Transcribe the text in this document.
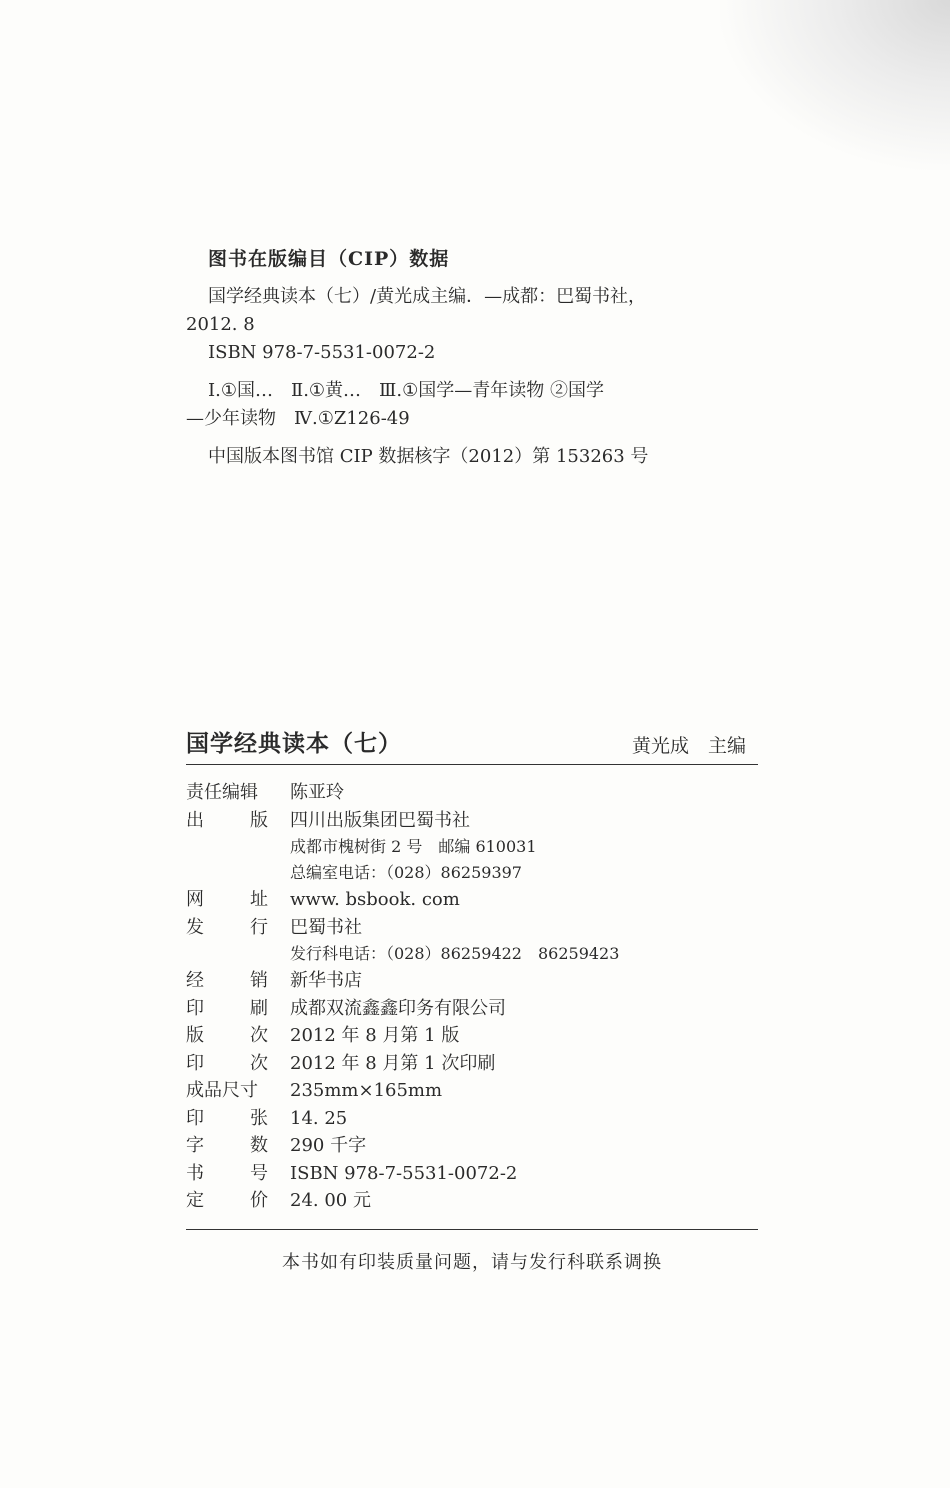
图书在版编目（CIP）数据

国学经典读本（七）/黄光成主编．—成都：巴蜀书社，

2012. 8

ISBN 978-7-5531-0072-2

Ⅰ.①国…　Ⅱ.①黄…　Ⅲ.①国学—青年读物 ②国学

—少年读物　Ⅳ.①Z126-49

中国版本图书馆 CIP 数据核字（2012）第 153263 号

国学经典读本（七）	黄光成　主编
责任编辑	陈亚玲
出	版 四川出版集团巴蜀书社
成都市槐树街 2 号　邮编 610031
总编室电话：（028）86259397
网	址 www. bsbook. com
发	行 巴蜀书社
发行科电话：（028）86259422　86259423
经	销 新华书店
印	刷 成都双流鑫鑫印务有限公司
版	次 2012 年 8 月第 1 版
印	次 2012 年 8 月第 1 次印刷
成品尺寸	235mm×165mm
印	张 14. 25
字	数 290 千字
书	号 ISBN 978-7-5531-0072-2
定	价 24. 00 元
本书如有印装质量问题，请与发行科联系调换
